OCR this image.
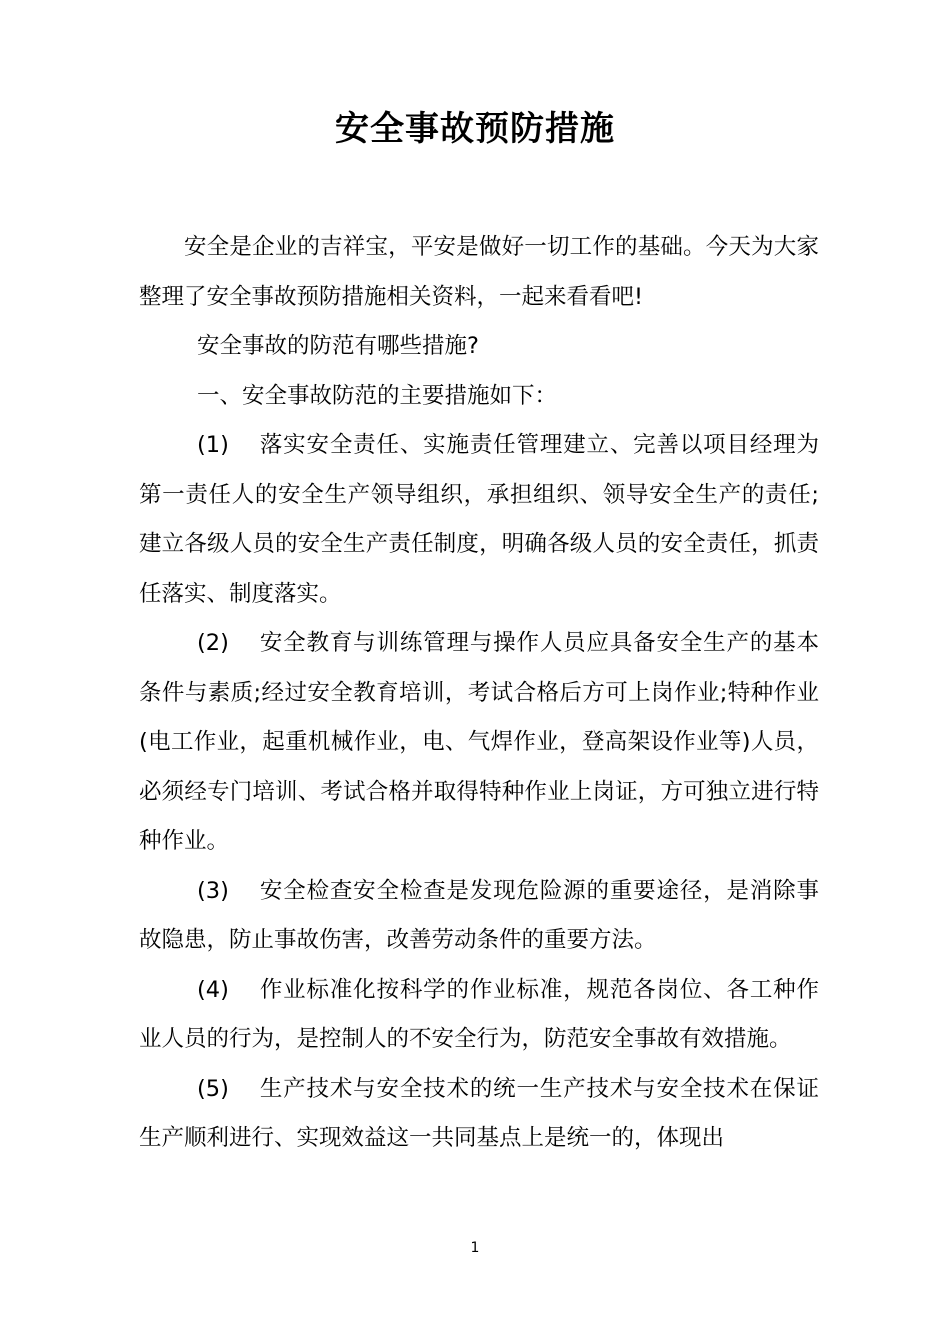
安全事故预防措施

安全是企业的吉祥宝，平安是做好一切工作的基础。今天为大家整理了安全事故预防措施相关资料，一起来看看吧!

安全事故的防范有哪些措施?

一、安全事故防范的主要措施如下：

(1) 落实安全责任、实施责任管理建立、完善以项目经理为第一责任人的安全生产领导组织，承担组织、领导安全生产的责任;建立各级人员的安全生产责任制度，明确各级人员的安全责任，抓责任落实、制度落实。

(2) 安全教育与训练管理与操作人员应具备安全生产的基本条件与素质;经过安全教育培训，考试合格后方可上岗作业;特种作业(电工作业，起重机械作业，电、气焊作业，登高架设作业等)人员，必须经专门培训、考试合格并取得特种作业上岗证，方可独立进行特种作业。

(3) 安全检查安全检查是发现危险源的重要途径，是消除事故隐患，防止事故伤害，改善劳动条件的重要方法。

(4) 作业标准化按科学的作业标准，规范各岗位、各工种作业人员的行为，是控制人的不安全行为，防范安全事故有效措施。

(5) 生产技术与安全技术的统一生产技术与安全技术在保证生产顺利进行、实现效益这一共同基点上是统一的，体现出

1
